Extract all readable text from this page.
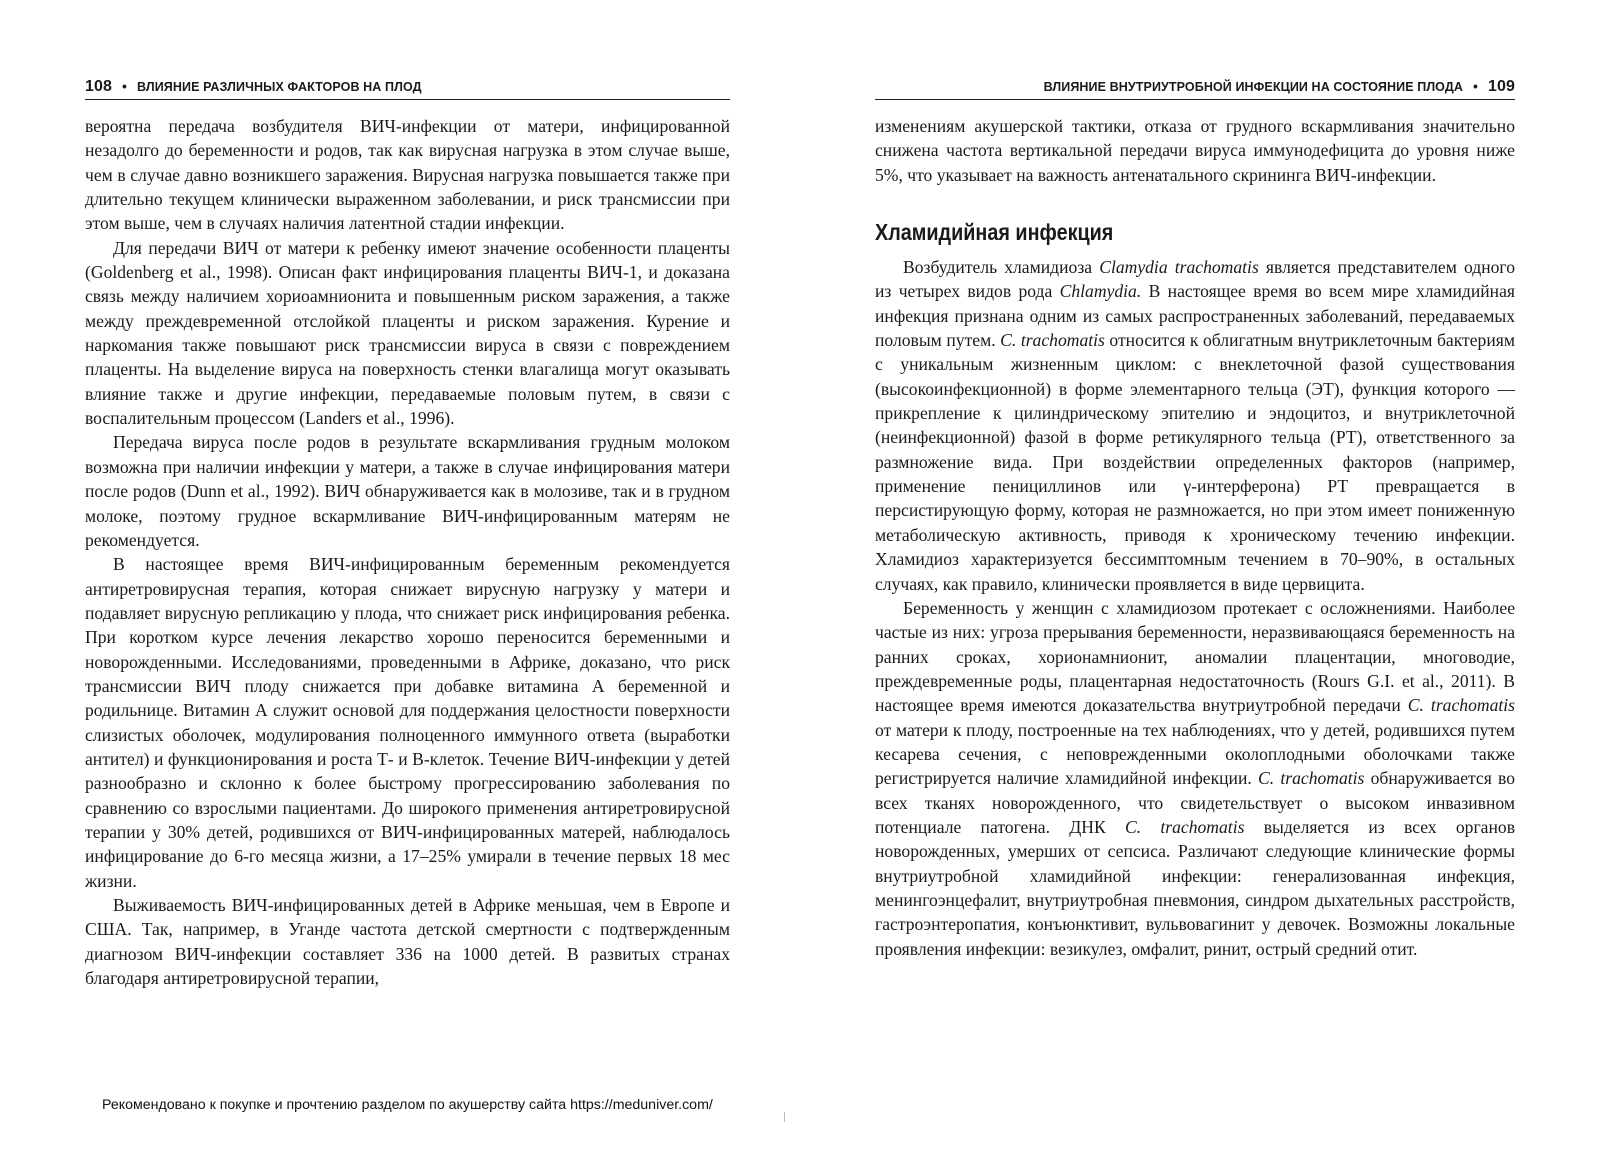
108 • ВЛИЯНИЕ РАЗЛИЧНЫХ ФАКТОРОВ НА ПЛОД

вероятна передача возбудителя ВИЧ-инфекции от матери, инфицированной незадолго до беременности и родов, так как вирусная нагрузка в этом случае выше, чем в случае давно возникшего заражения. Вирусная нагрузка повышается также при длительно текущем клинически выраженном заболевании, и риск трансмиссии при этом выше, чем в случаях наличия латентной стадии инфекции.

Для передачи ВИЧ от матери к ребенку имеют значение особенности плаценты (Goldenberg et al., 1998). Описан факт инфицирования плаценты ВИЧ-1, и доказана связь между наличием хориоамнионита и повышенным риском заражения, а также между преждевременной отслойкой плаценты и риском заражения. Курение и наркомания также повышают риск трансмиссии вируса в связи с повреждением плаценты. На выделение вируса на поверхность стенки влагалища могут оказывать влияние также и другие инфекции, передаваемые половым путем, в связи с воспалительным процессом (Landers et al., 1996).

Передача вируса после родов в результате вскармливания грудным молоком возможна при наличии инфекции у матери, а также в случае инфицирования матери после родов (Dunn et al., 1992). ВИЧ обнаруживается как в молозиве, так и в грудном молоке, поэтому грудное вскармливание ВИЧ-инфицированным матерям не рекомендуется.

В настоящее время ВИЧ-инфицированным беременным рекомендуется антиретровирусная терапия, которая снижает вирусную нагрузку у матери и подавляет вирусную репликацию у плода, что снижает риск инфицирования ребенка. При коротком курсе лечения лекарство хорошо переносится беременными и новорожденными. Исследованиями, проведенными в Африке, доказано, что риск трансмиссии ВИЧ плоду снижается при добавке витамина А беременной и родильнице. Витамин А служит основой для поддержания целостности поверхности слизистых оболочек, модулирования полноценного иммунного ответа (выработки антител) и функционирования и роста Т- и В-клеток. Течение ВИЧ-инфекции у детей разнообразно и склонно к более быстрому прогрессированию заболевания по сравнению со взрослыми пациентами. До широкого применения антиретровирусной терапии у 30% детей, родившихся от ВИЧ-инфицированных матерей, наблюдалось инфицирование до 6-го месяца жизни, а 17–25% умирали в течение первых 18 мес жизни.

Выживаемость ВИЧ-инфицированных детей в Африке меньшая, чем в Европе и США. Так, например, в Уганде частота детской смертности с подтвержденным диагнозом ВИЧ-инфекции составляет 336 на 1000 детей. В развитых странах благодаря антиретровирусной терапии,

ВЛИЯНИЕ ВНУТРИУТРОБНОЙ ИНФЕКЦИИ НА СОСТОЯНИЕ ПЛОДА • 109

изменениям акушерской тактики, отказа от грудного вскармливания значительно снижена частота вертикальной передачи вируса иммунодефицита до уровня ниже 5%, что указывает на важность антенатального скрининга ВИЧ-инфекции.

Хламидийная инфекция

Возбудитель хламидиоза Clamydia trachomatis является представителем одного из четырех видов рода Chlamydia. В настоящее время во всем мире хламидийная инфекция признана одним из самых распространенных заболеваний, передаваемых половым путем. C. trachomatis относится к облигатным внутриклеточным бактериям с уникальным жизненным циклом: с внеклеточной фазой существования (высокоинфекционной) в форме элементарного тельца (ЭТ), функция которого — прикрепление к цилиндрическому эпителию и эндоцитоз, и внутриклеточной (неинфекционной) фазой в форме ретикулярного тельца (РТ), ответственного за размножение вида. При воздействии определенных факторов (например, применение пенициллинов или γ-интерферона) РТ превращается в персистирующую форму, которая не размножается, но при этом имеет пониженную метаболическую активность, приводя к хроническому течению инфекции. Хламидиоз характеризуется бессимптомным течением в 70–90%, в остальных случаях, как правило, клинически проявляется в виде цервицита.

Беременность у женщин с хламидиозом протекает с осложнениями. Наиболее частые из них: угроза прерывания беременности, неразвивающаяся беременность на ранних сроках, хорионамнионит, аномалии плацентации, многоводие, преждевременные роды, плацентарная недостаточность (Rours G.I. et al., 2011). В настоящее время имеются доказательства внутриутробной передачи C. trachomatis от матери к плоду, построенные на тех наблюдениях, что у детей, родившихся путем кесарева сечения, с неповрежденными околоплодными оболочками также регистрируется наличие хламидийной инфекции. C. trachomatis обнаруживается во всех тканях новорожденного, что свидетельствует о высоком инвазивном потенциале патогена. ДНК C. trachomatis выделяется из всех органов новорожденных, умерших от сепсиса. Различают следующие клинические формы внутриутробной хламидийной инфекции: генерализованная инфекция, менингоэнцефалит, внутриутробная пневмония, синдром дыхательных расстройств, гастроэнтеропатия, конъюнктивит, вульвовагинит у девочек. Возможны локальные проявления инфекции: везикулез, омфалит, ринит, острый средний отит.

Рекомендовано к покупке и прочтению разделом по акушерству сайта https://meduniver.com/
